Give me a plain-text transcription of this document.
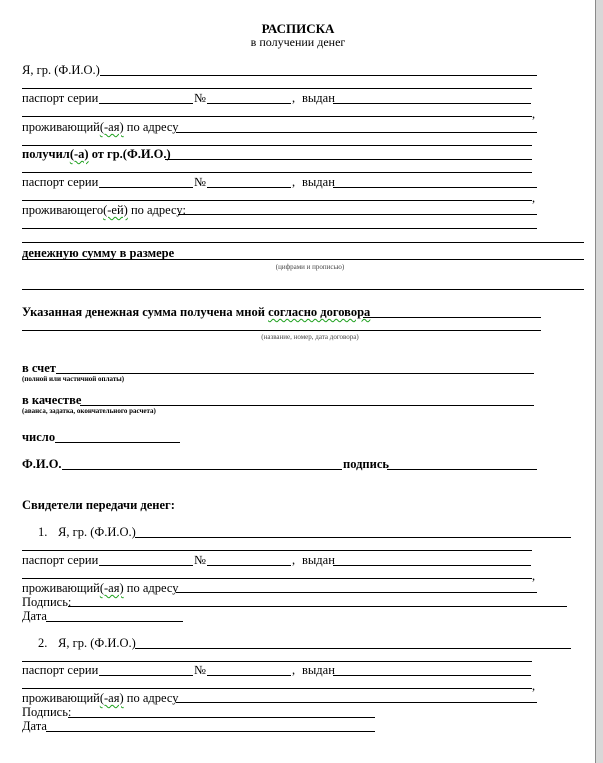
РАСПИСКА
в получении денег
Я, гр. (Ф.И.О.)
паспорт серии	№	, выдан
,
проживающий(-ая) по адресу
получил(-а) от гр.(Ф.И.О.)
паспорт серии	№	, выдан
,
проживающего(-ей) по адресу:
денежную сумму в размере
(цифрами и прописью)
Указанная денежная сумма получена мной согласно договора
(название, номер, дата договора)
в счет
(полной или частичной оплаты)
в качестве
(аванса, задатка, окончательного расчета)
число
Ф.И.О.	подпись
Свидетели передачи денег:
1. Я, гр. (Ф.И.О.)
паспорт серии	№	, выдан
,
проживающий(-ая) по адресу
Подпись:
Дата
2. Я, гр. (Ф.И.О.)
паспорт серии	№	, выдан
,
проживающий(-ая) по адресу
Подпись:
Дата
